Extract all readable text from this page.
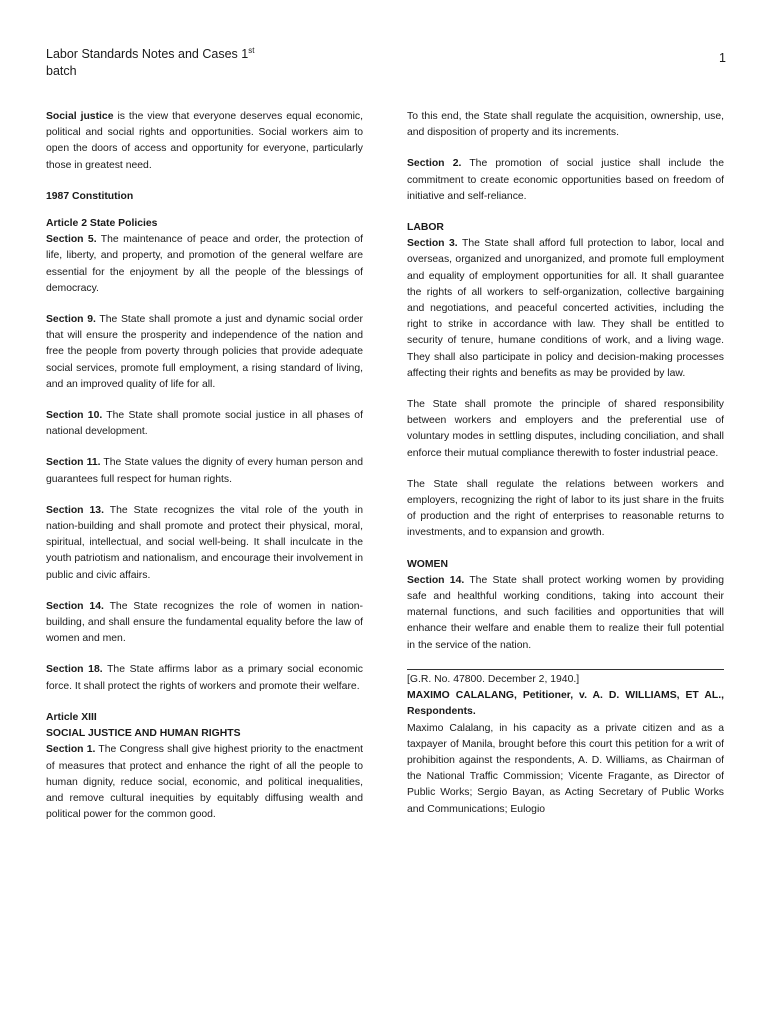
Labor Standards Notes and Cases 1st batch
1

Social justice is the view that everyone deserves equal economic, political and social rights and opportunities. Social workers aim to open the doors of access and opportunity for everyone, particularly those in greatest need.

1987 Constitution

Article 2 State Policies

Section 5. The maintenance of peace and order, the protection of life, liberty, and property, and promotion of the general welfare are essential for the enjoyment by all the people of the blessings of democracy.

Section 9. The State shall promote a just and dynamic social order that will ensure the prosperity and independence of the nation and free the people from poverty through policies that provide adequate social services, promote full employment, a rising standard of living, and an improved quality of life for all.

Section 10. The State shall promote social justice in all phases of national development.

Section 11. The State values the dignity of every human person and guarantees full respect for human rights.

Section 13. The State recognizes the vital role of the youth in nation-building and shall promote and protect their physical, moral, spiritual, intellectual, and social well-being. It shall inculcate in the youth patriotism and nationalism, and encourage their involvement in public and civic affairs.

Section 14. The State recognizes the role of women in nation-building, and shall ensure the fundamental equality before the law of women and men.

Section 18. The State affirms labor as a primary social economic force. It shall protect the rights of workers and promote their welfare.

Article XIII

SOCIAL JUSTICE AND HUMAN RIGHTS

Section 1. The Congress shall give highest priority to the enactment of measures that protect and enhance the right of all the people to human dignity, reduce social, economic, and political inequalities, and remove cultural inequities by equitably diffusing wealth and political power for the common good.

To this end, the State shall regulate the acquisition, ownership, use, and disposition of property and its increments.

Section 2. The promotion of social justice shall include the commitment to create economic opportunities based on freedom of initiative and self-reliance.

LABOR

Section 3. The State shall afford full protection to labor, local and overseas, organized and unorganized, and promote full employment and equality of employment opportunities for all. It shall guarantee the rights of all workers to self-organization, collective bargaining and negotiations, and peaceful concerted activities, including the right to strike in accordance with law. They shall be entitled to security of tenure, humane conditions of work, and a living wage. They shall also participate in policy and decision-making processes affecting their rights and benefits as may be provided by law.

The State shall promote the principle of shared responsibility between workers and employers and the preferential use of voluntary modes in settling disputes, including conciliation, and shall enforce their mutual compliance therewith to foster industrial peace.

The State shall regulate the relations between workers and employers, recognizing the right of labor to its just share in the fruits of production and the right of enterprises to reasonable returns to investments, and to expansion and growth.

WOMEN

Section 14. The State shall protect working women by providing safe and healthful working conditions, taking into account their maternal functions, and such facilities and opportunities that will enhance their welfare and enable them to realize their full potential in the service of the nation.

[G.R. No. 47800. December 2, 1940.]

MAXIMO CALALANG, Petitioner, v. A. D. WILLIAMS, ET AL., Respondents.

Maximo Calalang, in his capacity as a private citizen and as a taxpayer of Manila, brought before this court this petition for a writ of prohibition against the respondents, A. D. Williams, as Chairman of the National Traffic Commission; Vicente Fragante, as Director of Public Works; Sergio Bayan, as Acting Secretary of Public Works and Communications; Eulogio
